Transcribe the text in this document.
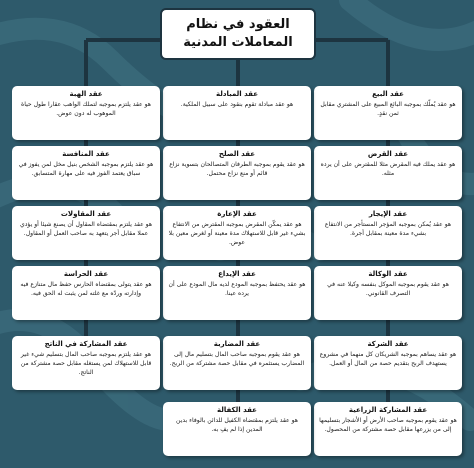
العقود في نظام
المعاملات المدنية
عقد البيع
هو عقد يُملّك بموجبه البائع المبيع على المشتري مقابل ثمن نقدٍ.
عقد القرض
هو عقد يملك فيه المقرض مثلا للمقترض على أن يرده مثله.
عقد الإيجار
هو عقد يُمكن بموجبه المؤجر المستأجر من الانتفاع بشيء مدة معينة بمقابل أجرة.
عقد الوكالة
هو عقد يقوم بموجبه الموكل بنفسه وكيلا عنه في التصرف القانوني.
عقد الشركة
هو عقد يساهم بموجبه الشريكان كل منهما في مشروع يستهدف الربح بتقديم حصة من المال أو العمل.
عقد المشاركة الزراعية
هو عقد يقوم بموجبه صاحب الأرض أو الأشجار بتسليمها إلى من يزرعها مقابل حصة مشتركة من المحصول.
عقد المبادلة
هو عقد مبادلة تقوم بنقود على سبيل الملكية.
عقد الصلح
هو عقد يقوم بموجبه الطرفان المتصالحان بتسوية نزاع قائم أو منع نزاع محتمل.
عقد الإعارة
هو عقد يمكّن المقرض بموجبه المقترض من الانتفاع بشيء غير قابل للاستهلاك مدة معينة أو لغرض معين بلا عوض.
عقد الإيداع
هو عقد يحتفظ بموجبه المودع لديه مال المودع على أن يرده عينا.
عقد المضاربة
هو عقد يقوم بموجبه صاحب المال بتسليم مال إلى المضارب يستثمره في مقابل حصة مشتركة من الربح.
عقد الكفالة
هو عقد يلتزم بمقتضاه الكفيل للدائن بالوفاء بدين المدين إذا لم يفِ به.
عقد الهبة
هو عقد يلتزم بموجبه لتملك الواهب عقارا طول حياة الموهوب له دون عوض.
عقد المنافسة
هو عقد يلتزم بموجبه الشخص بنيل مخل لمن يفوز في سباق يعتمد الفوز فيه على مهارة المتسابق.
عقد المقاولات
هو عقد يلتزم بمقتضاه المقاول أن يصنع شيئا أو يؤدي عملا مقابل أجر يتعهد به صاحب العمل أو المقاول.
عقد الحراسة
هو عقد يتولى بمقتضاه الحارس حفظ مال متنازع فيه وإدارته وردّه مع غلته لمن يثبت له الحق فيه.
عقد المشاركة في الناتج
هو عقد يلتزم بموجبه صاحب المال بتسليم شيء غير قابل للاستهلاك لمن يستغله مقابل حصة مشتركة من الناتج.
